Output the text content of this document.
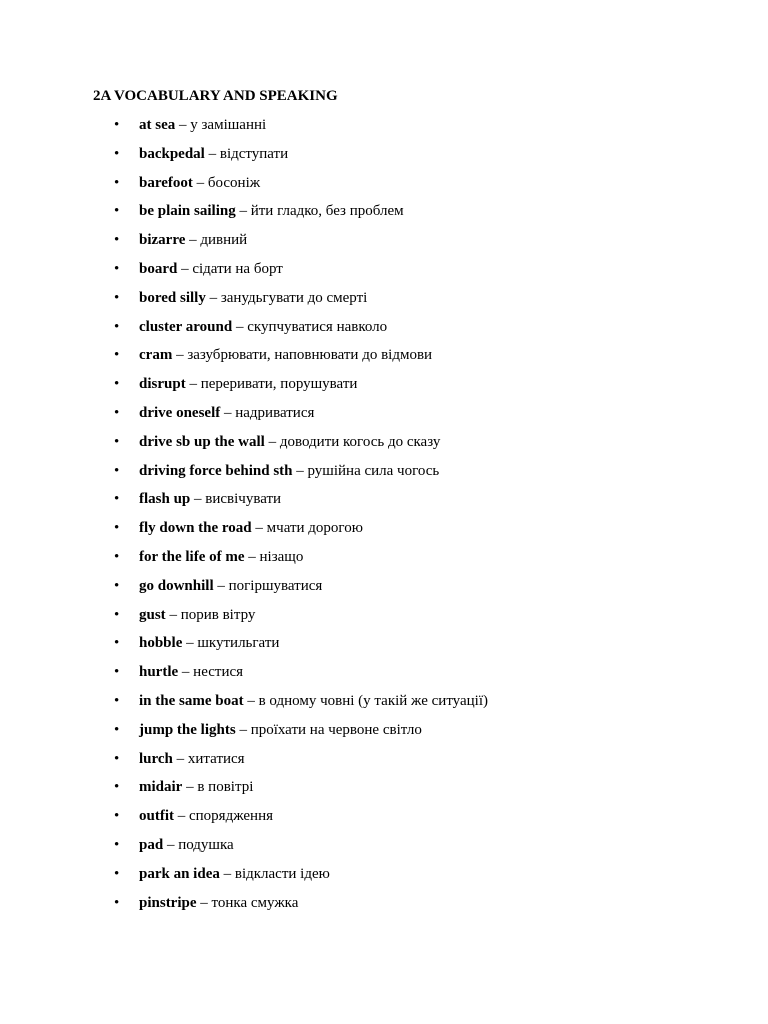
2A VOCABULARY AND SPEAKING
• at sea – у замішанні
• backpedal – відступати
• barefoot – босоніж
• be plain sailing – йти гладко, без проблем
• bizarre – дивний
• board – сідати на борт
• bored silly – занудьгувати до смерті
• cluster around – скупчуватися навколо
• cram – зазубрювати, наповнювати до відмови
• disrupt – переривати, порушувати
• drive oneself – надриватися
• drive sb up the wall – доводити когось до сказу
• driving force behind sth – рушійна сила чогось
• flash up – висвічувати
• fly down the road – мчати дорогою
• for the life of me – нізащо
• go downhill – погіршуватися
• gust – порив вітру
• hobble – шкутильгати
• hurtle – нестися
• in the same boat – в одному човні (у такій же ситуації)
• jump the lights – проїхати на червоне світло
• lurch – хитатися
• midair – в повітрі
• outfit – спорядження
• pad – подушка
• park an idea – відкласти ідею
• pinstripe – тонка смужка
